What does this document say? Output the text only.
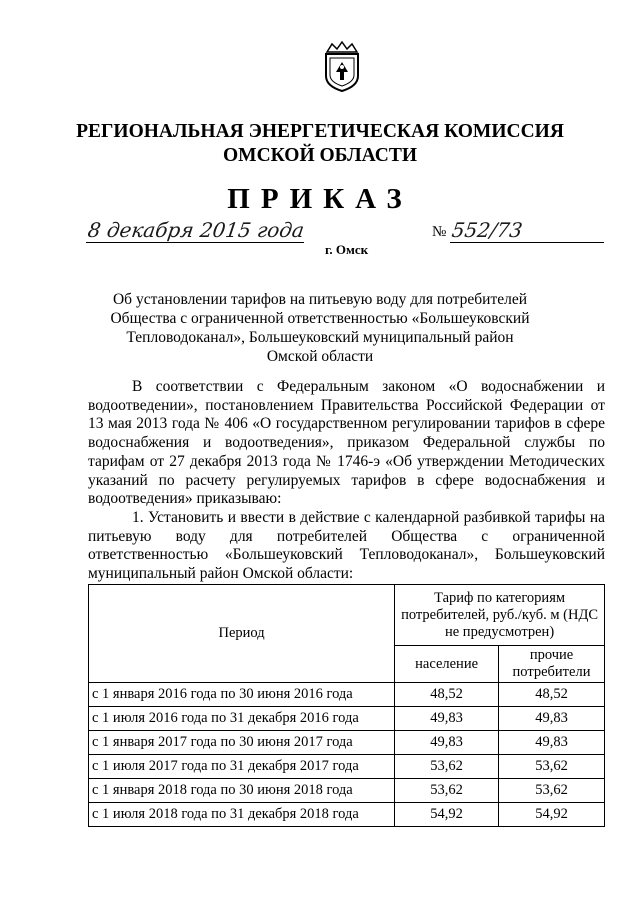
РЕГИОНАЛЬНАЯ ЭНЕРГЕТИЧЕСКАЯ КОМИССИЯ
ОМСКОЙ ОБЛАСТИ
ПРИКАЗ
8 декабря 2015 года
г. Омск
№ 552/73
Об установлении тарифов на питьевую воду для потребителей
Общества с ограниченной ответственностью «Большеуковский
Тепловодоканал», Большеуковский муниципальный район
Омской области

В соответствии с Федеральным законом «О водоснабжении и водоотведении», постановлением Правительства Российской Федерации от 13 мая 2013 года № 406 «О государственном регулировании тарифов в сфере водоснабжения и водоотведения», приказом Федеральной службы по тарифам от 27 декабря 2013 года № 1746-э «Об утверждении Методических указаний по расчету регулируемых тарифов в сфере водоснабжения и водоотведения» приказываю:

1. Установить и ввести в действие с календарной разбивкой тарифы на питьевую воду для потребителей Общества с ограниченной ответственностью «Большеуковский Тепловодоканал», Большеуковский муниципальный район Омской области:

Период	Тариф по категориям потребителей, руб./куб. м (НДС не предусмотрен)	
	население	прочие потребители
с 1 января 2016 года по 30 июня 2016 года	48,52	48,52
с 1 июля 2016 года по 31 декабря 2016 года	49,83	49,83
с 1 января 2017 года по 30 июня 2017 года	49,83	49,83
с 1 июля 2017 года по 31 декабря 2017 года	53,62	53,62
с 1 января 2018 года по 30 июня 2018 года	53,62	53,62
с 1 июля 2018 года по 31 декабря 2018 года	54,92	54,92
